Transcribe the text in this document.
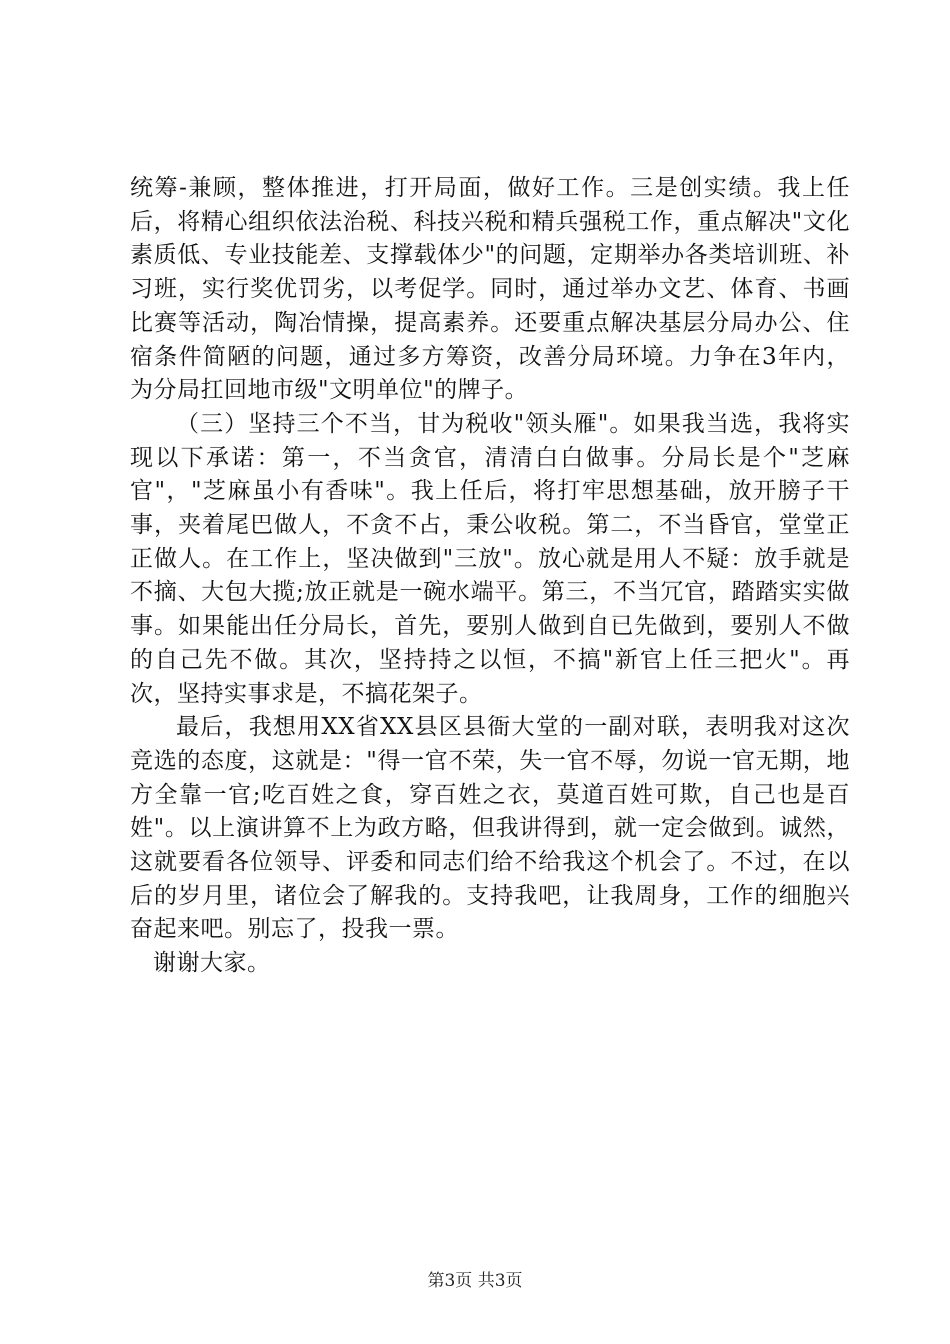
统筹-兼顾，整体推进，打开局面，做好工作。三是创实绩。我上任后，将精心组织依法治税、科技兴税和精兵强税工作，重点解决"文化素质低、专业技能差、支撑载体少"的问题，定期举办各类培训班、补习班，实行奖优罚劣，以考促学。同时，通过举办文艺、体育、书画比赛等活动，陶冶情操，提高素养。还要重点解决基层分局办公、住宿条件简陋的问题，通过多方筹资，改善分局环境。力争在3年内，为分局扛回地市级"文明单位"的牌子。

（三）坚持三个不当，甘为税收"领头雁"。如果我当选，我将实现以下承诺：第一，不当贪官，清清白白做事。分局长是个"芝麻官"，"芝麻虽小有香味"。我上任后，将打牢思想基础，放开膀子干事，夹着尾巴做人，不贪不占，秉公收税。第二，不当昏官，堂堂正正做人。在工作上，坚决做到"三放"。放心就是用人不疑：放手就是不摘、大包大揽;放正就是一碗水端平。第三，不当冗官，踏踏实实做事。如果能出任分局长，首先，要别人做到自已先做到，要别人不做的自己先不做。其次，坚持持之以恒，不搞"新官上任三把火"。再次，坚持实事求是，不搞花架子。

最后，我想用XX省XX县区县衙大堂的一副对联，表明我对这次竞选的态度，这就是："得一官不荣，失一官不辱，勿说一官无期，地方全靠一官;吃百姓之食，穿百姓之衣，莫道百姓可欺，自己也是百姓"。以上演讲算不上为政方略，但我讲得到，就一定会做到。诚然，这就要看各位领导、评委和同志们给不给我这个机会了。不过，在以后的岁月里，诸位会了解我的。支持我吧，让我周身，工作的细胞兴奋起来吧。别忘了，投我一票。

谢谢大家。

第3页 共3页
